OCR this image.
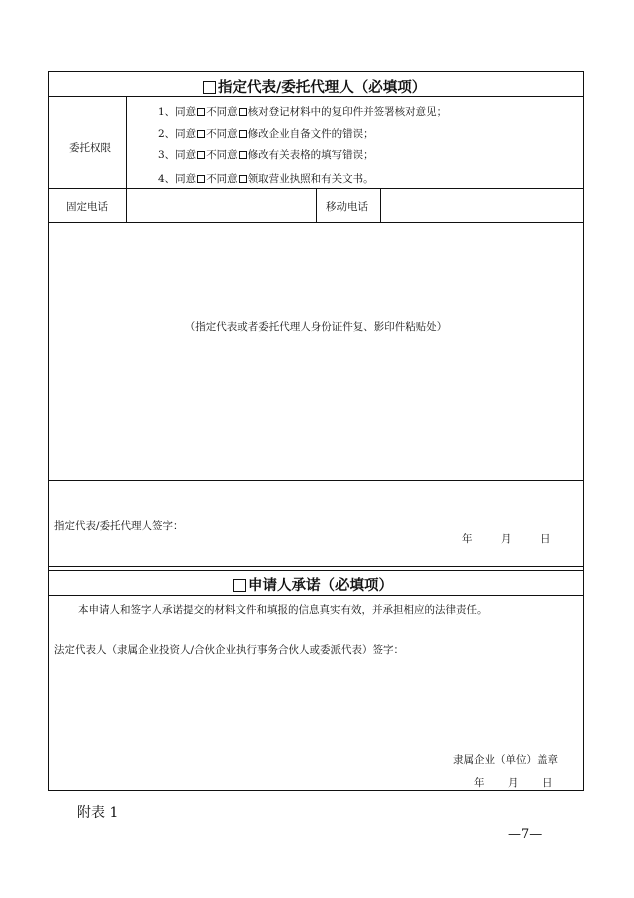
指定代表/委托代理人（必填项）
委托权限
1、同意 不同意 核对登记材料中的复印件并签署核对意见；
2、同意 不同意 修改企业自备文件的错误；
3、同意 不同意 修改有关表格的填写错误；
4、同意 不同意 领取营业执照和有关文书。
固定电话	移动电话
（指定代表或者委托代理人身份证件复、影印件粘贴处）
指定代表/委托代理人签字：
年	月	日
申请人承诺（必填项）
本申请人和签字人承诺提交的材料文件和填报的信息真实有效，并承担相应的法律责任。
法定代表人（隶属企业投资人/合伙企业执行事务合伙人或委派代表）签字：
隶属企业（单位）盖章
年 月 日
附表 1
—7—
